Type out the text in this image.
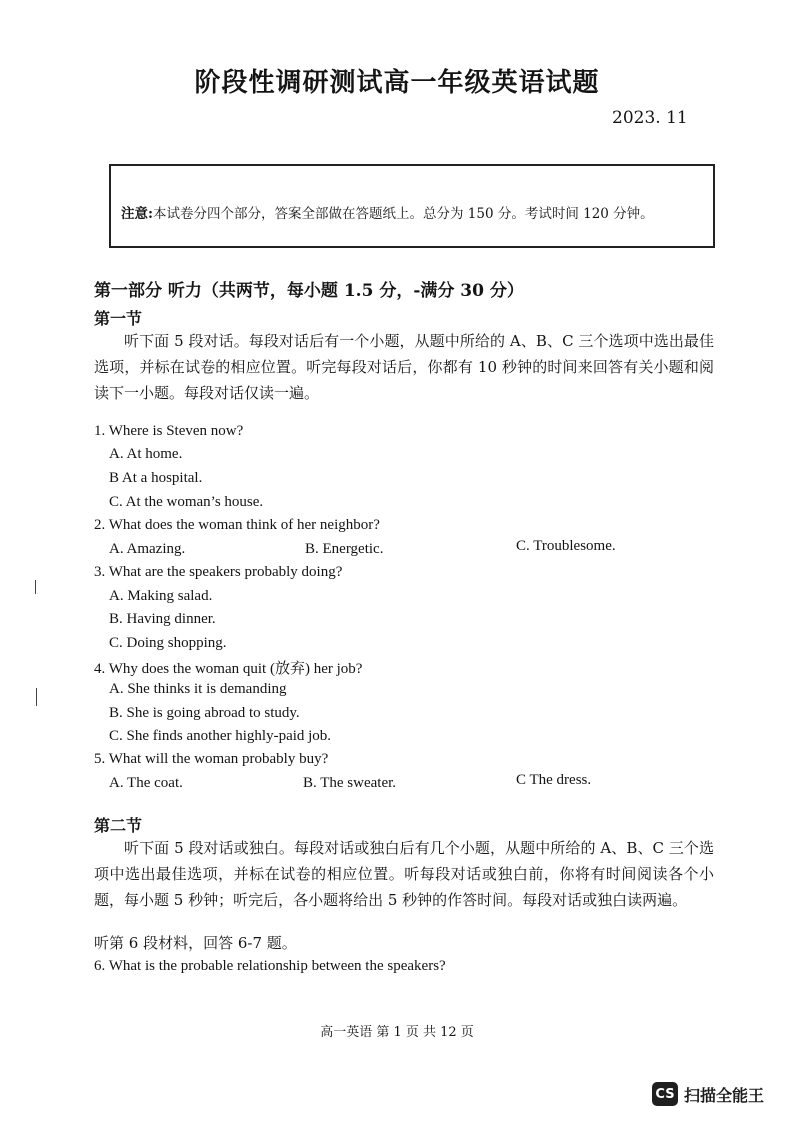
阶段性调研测试高一年级英语试题
2023. 11
注意:本试卷分四个部分，答案全部做在答题纸上。总分为 150 分。考试时间 120 分钟。
第一部分 听力（共两节，每小题 1.5 分，-满分 30 分）
第一节
听下面 5 段对话。每段对话后有一个小题，从题中所给的 A、B、C 三个选项中选出最佳选项，并标在试卷的相应位置。听完每段对话后，你都有 10 秒钟的时间来回答有关小题和阅读下一小题。每段对话仅读一遍。
1. Where is Steven now?
A. At home.
B At a hospital.
C. At the woman’s house.
2. What does the woman think of her neighbor?
A. Amazing.	B. Energetic.	C. Troublesome.
3. What are the speakers probably doing?
A. Making salad.
B. Having dinner.
C. Doing shopping.
4. Why does the woman quit (放弃) her job?
A. She thinks it is demanding
B. She is going abroad to study.
C. She finds another highly-paid job.
5. What will the woman probably buy?
A. The coat.	B. The sweater.	C The dress.
第二节
听下面 5 段对话或独白。每段对话或独白后有几个小题，从题中所给的 A、B、C 三个选项中选出最佳选项，并标在试卷的相应位置。听每段对话或独白前，你将有时间阅读各个小题，每小题 5 秒钟；听完后，各小题将给出 5 秒钟的作答时间。每段对话或独白读两遍。
听第 6 段材料，回答 6-7 题。
6. What is the probable relationship between the speakers?
高一英语 第 1 页 共 12 页
CS 扫描全能王
